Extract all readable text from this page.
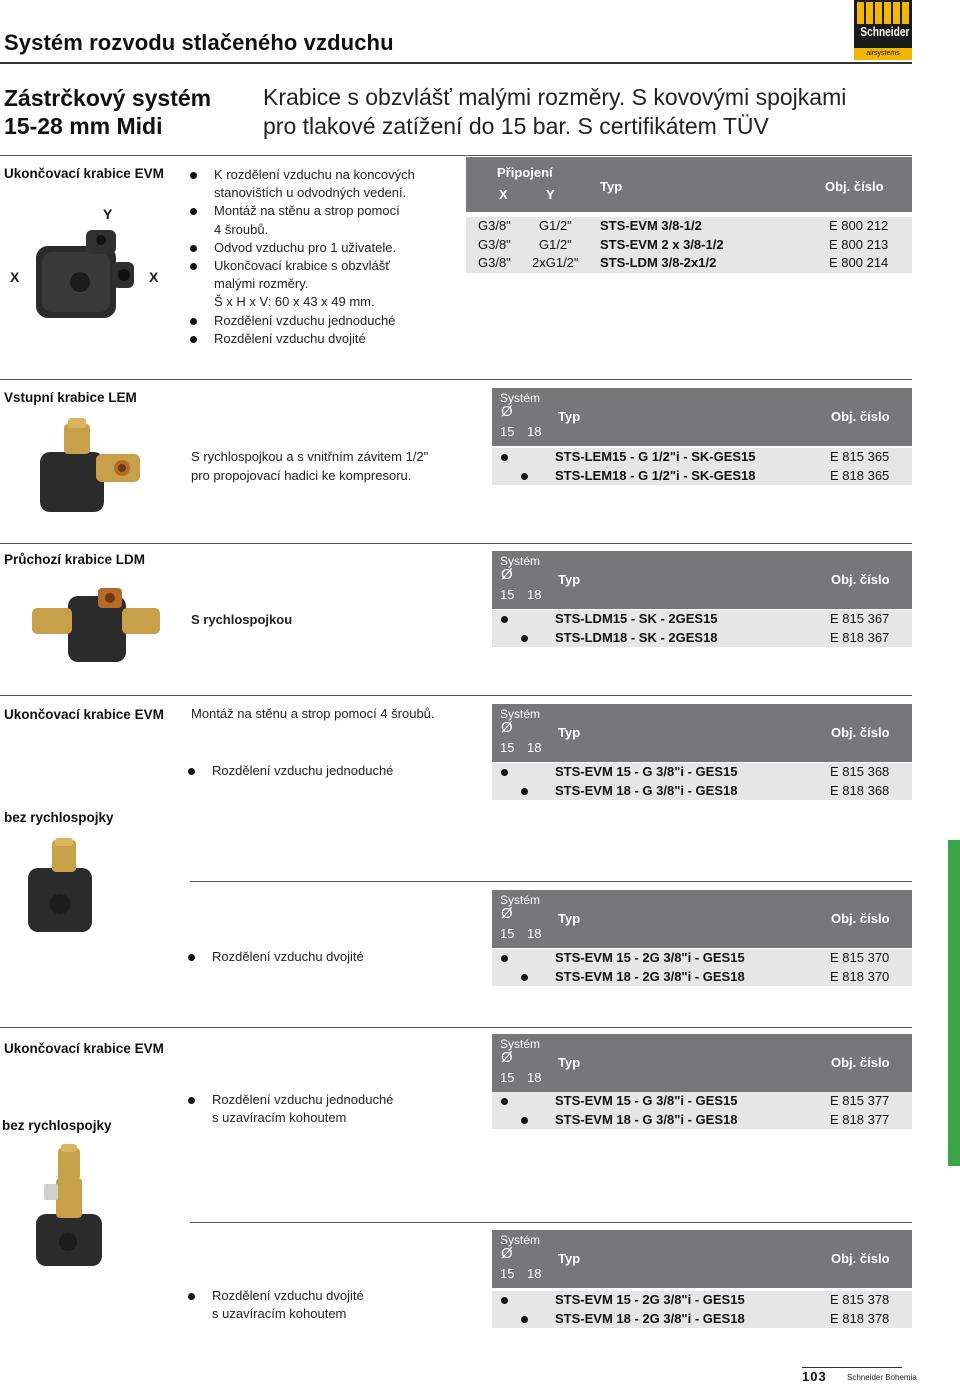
Systém rozvodu stlačeného vzduchu	Schneider
airsystems
Zástrčkový systém
15-28 mm Midi
Krabice s obzvlášť malými rozměry. S kovovými spojkami
pro tlakové zatížení do 15 bar. S certifikátem TÜV
Ukončovací krabice EVM
Y
X	X
K rozdělení vzduchu na koncových
stanovištích u odvodných vedení.
Montáž na stěnu a strop pomocí
4 šroubů.
Odvod vzduchu pro 1 uživatele.
Ukončovací krabice s obzvlášť
malými rozměry.
Š x H x V: 60 x 43 x 49 mm.
Rozdělení vzduchu jednoduché
Rozdělení vzduchu dvojité
Připojení
X	Y
Typ	Obj. číslo
G3/8" G1/2" STS-EVM 3/8-1/2	E 800 212
G3/8" G1/2" STS-EVM 2 x 3/8-1/2	E 800 213
G3/8" 2xG1/2" STS-LDM 3/8-2x1/2	E 800 214
Vstupní krabice LEM
S rychlospojkou a s vnitřním závitem 1/2"
pro propojovací hadici ke kompresoru.
Systém
Ø
15 18
Typ	Obj. číslo
STS-LEM15 - G 1/2"i - SK-GES15	E 815 365
STS-LEM18 - G 1/2"i - SK-GES18	E 818 365
Průchozí krabice LDM
S rychlospojkou
Systém
Ø
15 18
Typ	Obj. číslo
STS-LDM15 - SK - 2GES15	E 815 367
STS-LDM18 - SK - 2GES18	E 818 367
Ukončovací krabice EVM
bez rychlospojky
Montáž na stěnu a strop pomocí 4 šroubů.
Rozdělení vzduchu jednoduché
Systém
Ø
15 18
Typ	Obj. číslo
STS-EVM 15 - G 3/8"i - GES15	E 815 368
STS-EVM 18 - G 3/8"i - GES18	E 818 368
Rozdělení vzduchu dvojité
Systém
Ø
15 18
Typ	Obj. číslo
STS-EVM 15 - 2G 3/8"i - GES15	E 815 370
STS-EVM 18 - 2G 3/8"i - GES18	E 818 370
Ukončovací krabice EVM
bez rychlospojky
Rozdělení vzduchu jednoduché
s uzavíracím kohoutem
Systém
Ø
15 18
Typ	Obj. číslo
STS-EVM 15 - G 3/8"i - GES15	E 815 377
STS-EVM 18 - G 3/8"i - GES18	E 818 377
Rozdělení vzduchu dvojité
s uzavíracím kohoutem
Systém
Ø
15 18
Typ	Obj. číslo
STS-EVM 15 - 2G 3/8"i - GES15	E 815 378
STS-EVM 18 - 2G 3/8"i - GES18	E 818 378
103	Schneider Bohemia
